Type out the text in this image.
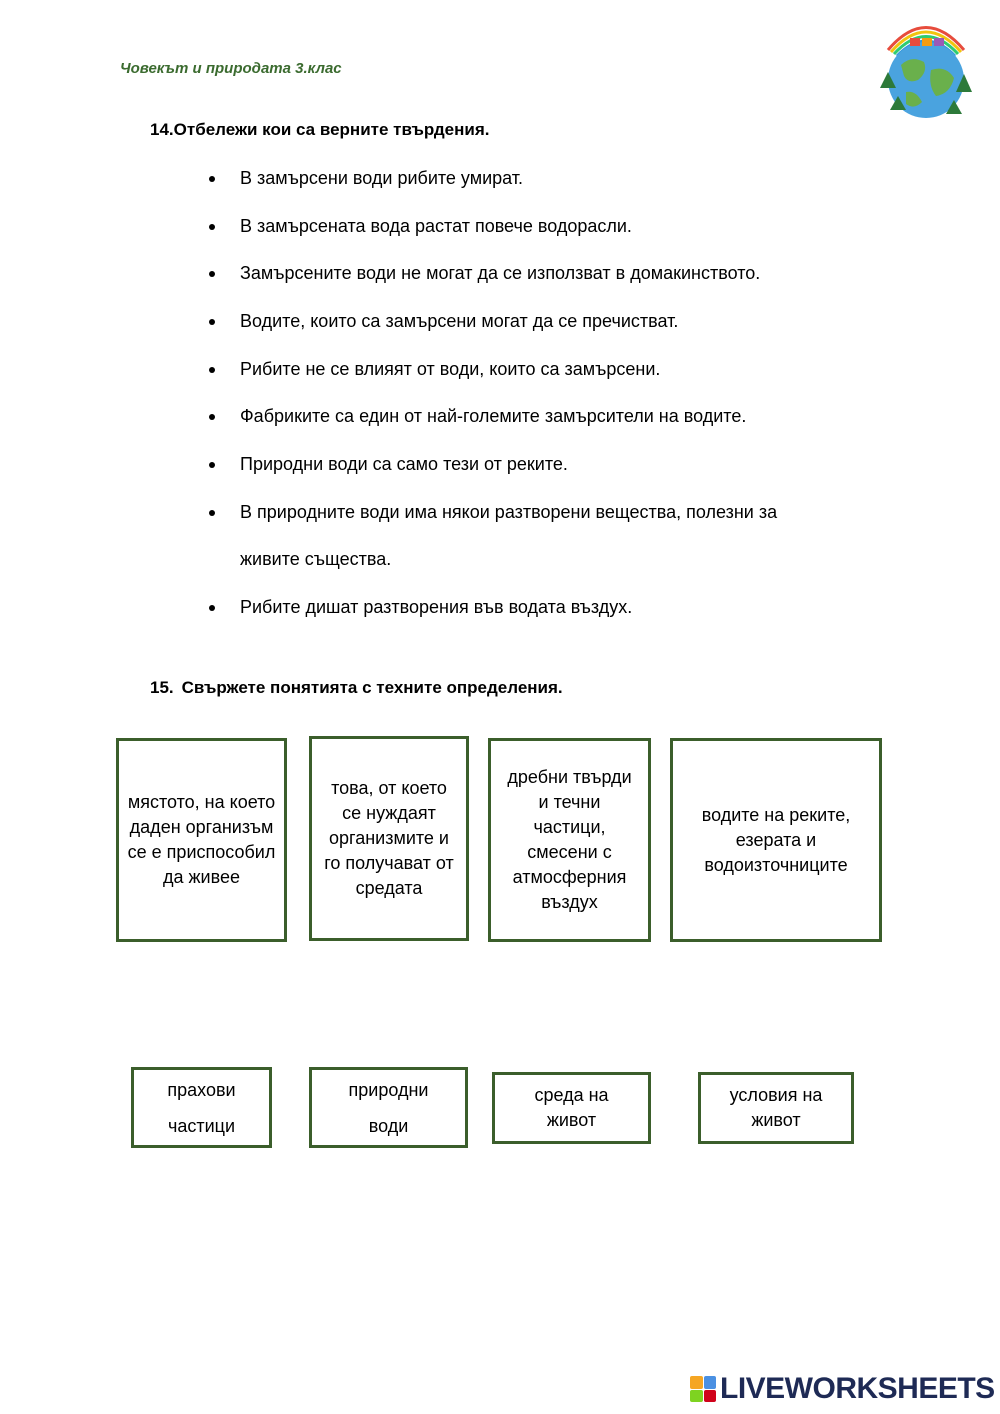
Човекът и природата 3.клас
14.Отбележи кои са верните твърдения.
В замърсени води рибите умират.
В замърсената вода растат повече водорасли.
Замърсените води не могат да се използват в домакинството.
Водите, които са замърсени могат да се пречистват.
Рибите не се влияят от води, които са замърсени.
Фабриките са един от най-големите замърсители на водите.
Природни води са само тези от реките.
В природните води има някои разтворени вещества, полезни за
живите същества.
Рибите дишат разтворения във водата въздух.
15. Свържете понятията с техните определения.
мястото, на което даден организъм се е приспособил да живее
това, от което се нуждаят организмите и го получават от средата
дребни твърди и течни частици, смесени с атмосферния въздух
водите на реките, езерата и водоизточниците
прахови
частици
природни
води
среда на
живот
условия на
живот
LIVEWORKSHEETS
